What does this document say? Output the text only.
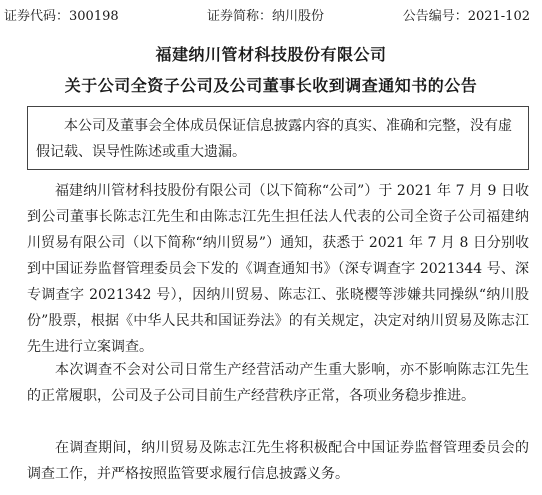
证券代码：300198	证券简称：纳川股份	公告编号：2021-102
福建纳川管材科技股份有限公司
关于公司全资子公司及公司董事长收到调查通知书的公告
本公司及董事会全体成员保证信息披露内容的真实、准确和完整，没有虚假记载、误导性陈述或重大遗漏。
福建纳川管材科技股份有限公司（以下简称“公司”）于 2021 年 7 月 9 日收到公司董事长陈志江先生和由陈志江先生担任法人代表的公司全资子公司福建纳川贸易有限公司（以下简称“纳川贸易”）通知，获悉于 2021 年 7 月 8 日分别收到中国证券监督管理委员会下发的《调查通知书》（深专调查字 2021344 号、深专调查字 2021342 号），因纳川贸易、陈志江、张晓樱等涉嫌共同操纵“纳川股份”股票，根据《中华人民共和国证券法》的有关规定，决定对纳川贸易及陈志江先生进行立案调查。
本次调查不会对公司日常生产经营活动产生重大影响，亦不影响陈志江先生的正常履职，公司及子公司目前生产经营秩序正常，各项业务稳步推进。
在调查期间，纳川贸易及陈志江先生将积极配合中国证券监督管理委员会的调查工作，并严格按照监管要求履行信息披露义务。
